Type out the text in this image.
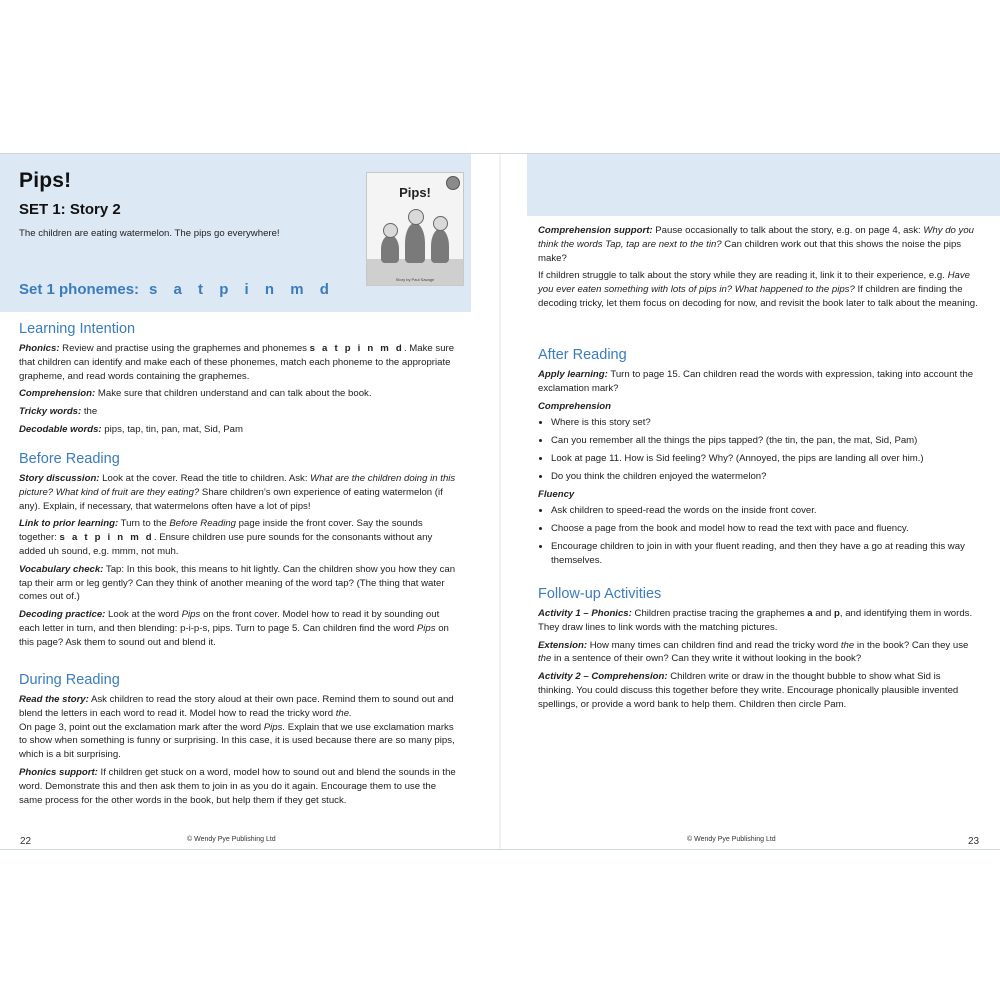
Pips!
SET 1: Story 2
The children are eating watermelon. The pips go everywhere!
Pips!
Story by Paul Savage
Set 1 phonemes: s a t p i n m d
Learning Intention

Phonics: Review and practise using the graphemes and phonemes s a t p i n m d. Make sure that children can identify and make each of these phonemes, match each phoneme to the appropriate grapheme, and read words containing the graphemes.

Comprehension: Make sure that children understand and can talk about the book.

Tricky words: the

Decodable words: pips, tap, tin, pan, mat, Sid, Pam

Before Reading

Story discussion: Look at the cover. Read the title to children. Ask: What are the children doing in this picture? What kind of fruit are they eating? Share children’s own experience of eating watermelon (if any). Explain, if necessary, that watermelons often have a lot of pips!

Link to prior learning: Turn to the Before Reading page inside the front cover. Say the sounds together: s a t p i n m d. Ensure children use pure sounds for the consonants without any added uh sound, e.g. mmm, not muh.

Vocabulary check: Tap: In this book, this means to hit lightly. Can the children show you how they can tap their arm or leg gently? Can they think of another meaning of the word tap? (The thing that water comes out of.)

Decoding practice: Look at the word Pips on the front cover. Model how to read it by sounding out each letter in turn, and then blending: p-i-p-s, pips. Turn to page 5. Can children find the word Pips on this page? Ask them to sound out and blend it.

During Reading

Read the story: Ask children to read the story aloud at their own pace. Remind them to sound out and blend the letters in each word to read it. Model how to read the tricky word the.
On page 3, point out the exclamation mark after the word Pips. Explain that we use exclamation marks to show when something is funny or surprising. In this case, it is used because there are so many pips, which is a bit surprising.

Phonics support: If children get stuck on a word, model how to sound out and blend the sounds in the word. Demonstrate this and then ask them to join in as you do it again. Encourage them to use the same process for the other words in the book, but help them if they get stuck.

22	© Wendy Pye Publishing Ltd

Comprehension support: Pause occasionally to talk about the story, e.g. on page 4, ask: Why do you think the words Tap, tap are next to the tin? Can children work out that this shows the noise the pips make?

If children struggle to talk about the story while they are reading it, link it to their experience, e.g. Have you ever eaten something with lots of pips in? What happened to the pips? If children are finding the decoding tricky, let them focus on decoding for now, and revisit the book later to talk about the meaning.

After Reading

Apply learning: Turn to page 15. Can children read the words with expression, taking into account the exclamation mark?

Comprehension
• Where is this story set?
• Can you remember all the things the pips tapped? (the tin, the pan, the mat, Sid, Pam)
• Look at page 11. How is Sid feeling? Why? (Annoyed, the pips are landing all over him.)
• Do you think the children enjoyed the watermelon?
Fluency
• Ask children to speed-read the words on the inside front cover.
• Choose a page from the book and model how to read the text with pace and fluency.
• Encourage children to join in with your fluent reading, and then they have a go at reading this way themselves.
Follow-up Activities

Activity 1 – Phonics: Children practise tracing the graphemes a and p, and identifying them in words. They draw lines to link words with the matching pictures.

Extension: How many times can children find and read the tricky word the in the book? Can they use the in a sentence of their own? Can they write it without looking in the book?

Activity 2 – Comprehension: Children write or draw in the thought bubble to show what Sid is thinking. You could discuss this together before they write. Encourage phonically plausible invented spellings, or provide a word bank to help them. Children then circle Pam.

© Wendy Pye Publishing Ltd	23
